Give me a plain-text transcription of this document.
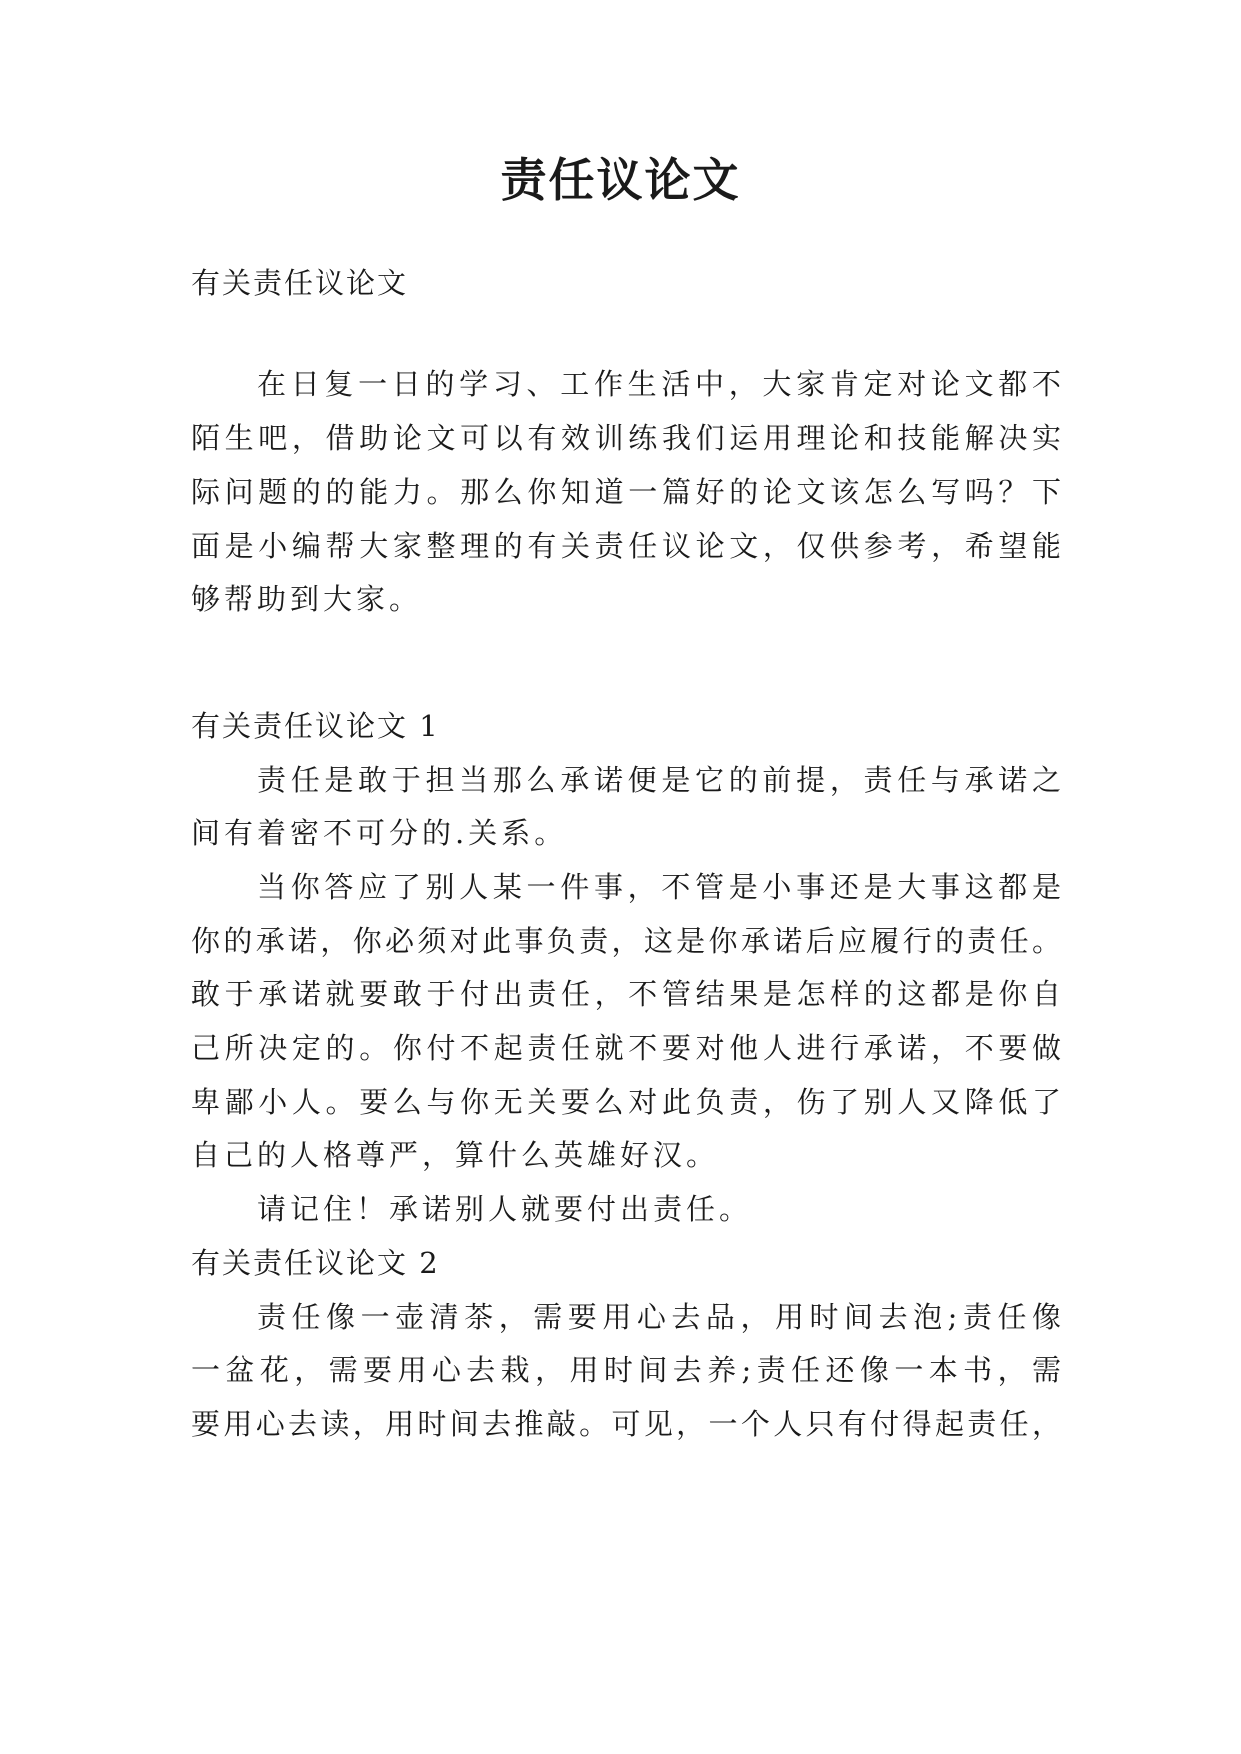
责任议论文

有关责任议论文

在日复一日的学习、工作生活中，大家肯定对论文都不

陌生吧，借助论文可以有效训练我们运用理论和技能解决实

际问题的的能力。那么你知道一篇好的论文该怎么写吗？下

面是小编帮大家整理的有关责任议论文，仅供参考，希望能

够帮助到大家。

有关责任议论文 1

责任是敢于担当那么承诺便是它的前提，责任与承诺之

间有着密不可分的.关系。

当你答应了别人某一件事，不管是小事还是大事这都是

你的承诺，你必须对此事负责，这是你承诺后应履行的责任。

敢于承诺就要敢于付出责任，不管结果是怎样的这都是你自

己所决定的。你付不起责任就不要对他人进行承诺，不要做

卑鄙小人。要么与你无关要么对此负责，伤了别人又降低了

自己的人格尊严，算什么英雄好汉。

请记住！承诺别人就要付出责任。

有关责任议论文 2

责任像一壶清茶，需要用心去品，用时间去泡;责任像

一盆花，需要用心去栽，用时间去养;责任还像一本书，需

要用心去读，用时间去推敲。可见，一个人只有付得起责任，
